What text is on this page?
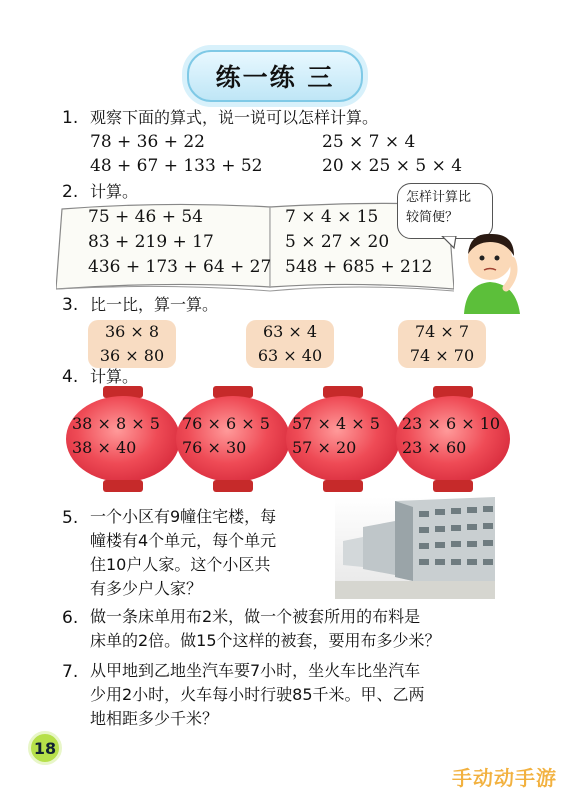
练一练 三
1. 观察下面的算式，说一说可以怎样计算。
78 + 36 + 22	25 × 7 × 4
48 + 67 + 133 + 52	20 × 25 × 5 × 4
2. 计算。
75 + 46 + 54
83 + 219 + 17
436 + 173 + 64 + 27
7 × 4 × 15
5 × 27 × 20
548 + 685 + 212
怎样计算比
较简便？
3. 比一比，算一算。
36 × 8
36 × 80
63 × 4
63 × 40
74 × 7
74 × 70
4. 计算。
38 × 8 × 5
38 × 40
76 × 6 × 5
76 × 30
57 × 4 × 5
57 × 20
23 × 6 × 10
23 × 60
5. 一个小区有9幢住宅楼，每
幢楼有4个单元，每个单元
住10户人家。这个小区共
有多少户人家？
6. 做一条床单用布2米，做一个被套所用的布料是
床单的2倍。做15个这样的被套，要用布多少米？
7. 从甲地到乙地坐汽车要7小时，坐火车比坐汽车
少用2小时，火车每小时行驶85千米。甲、乙两
地相距多少千米？
18
手动动手游
